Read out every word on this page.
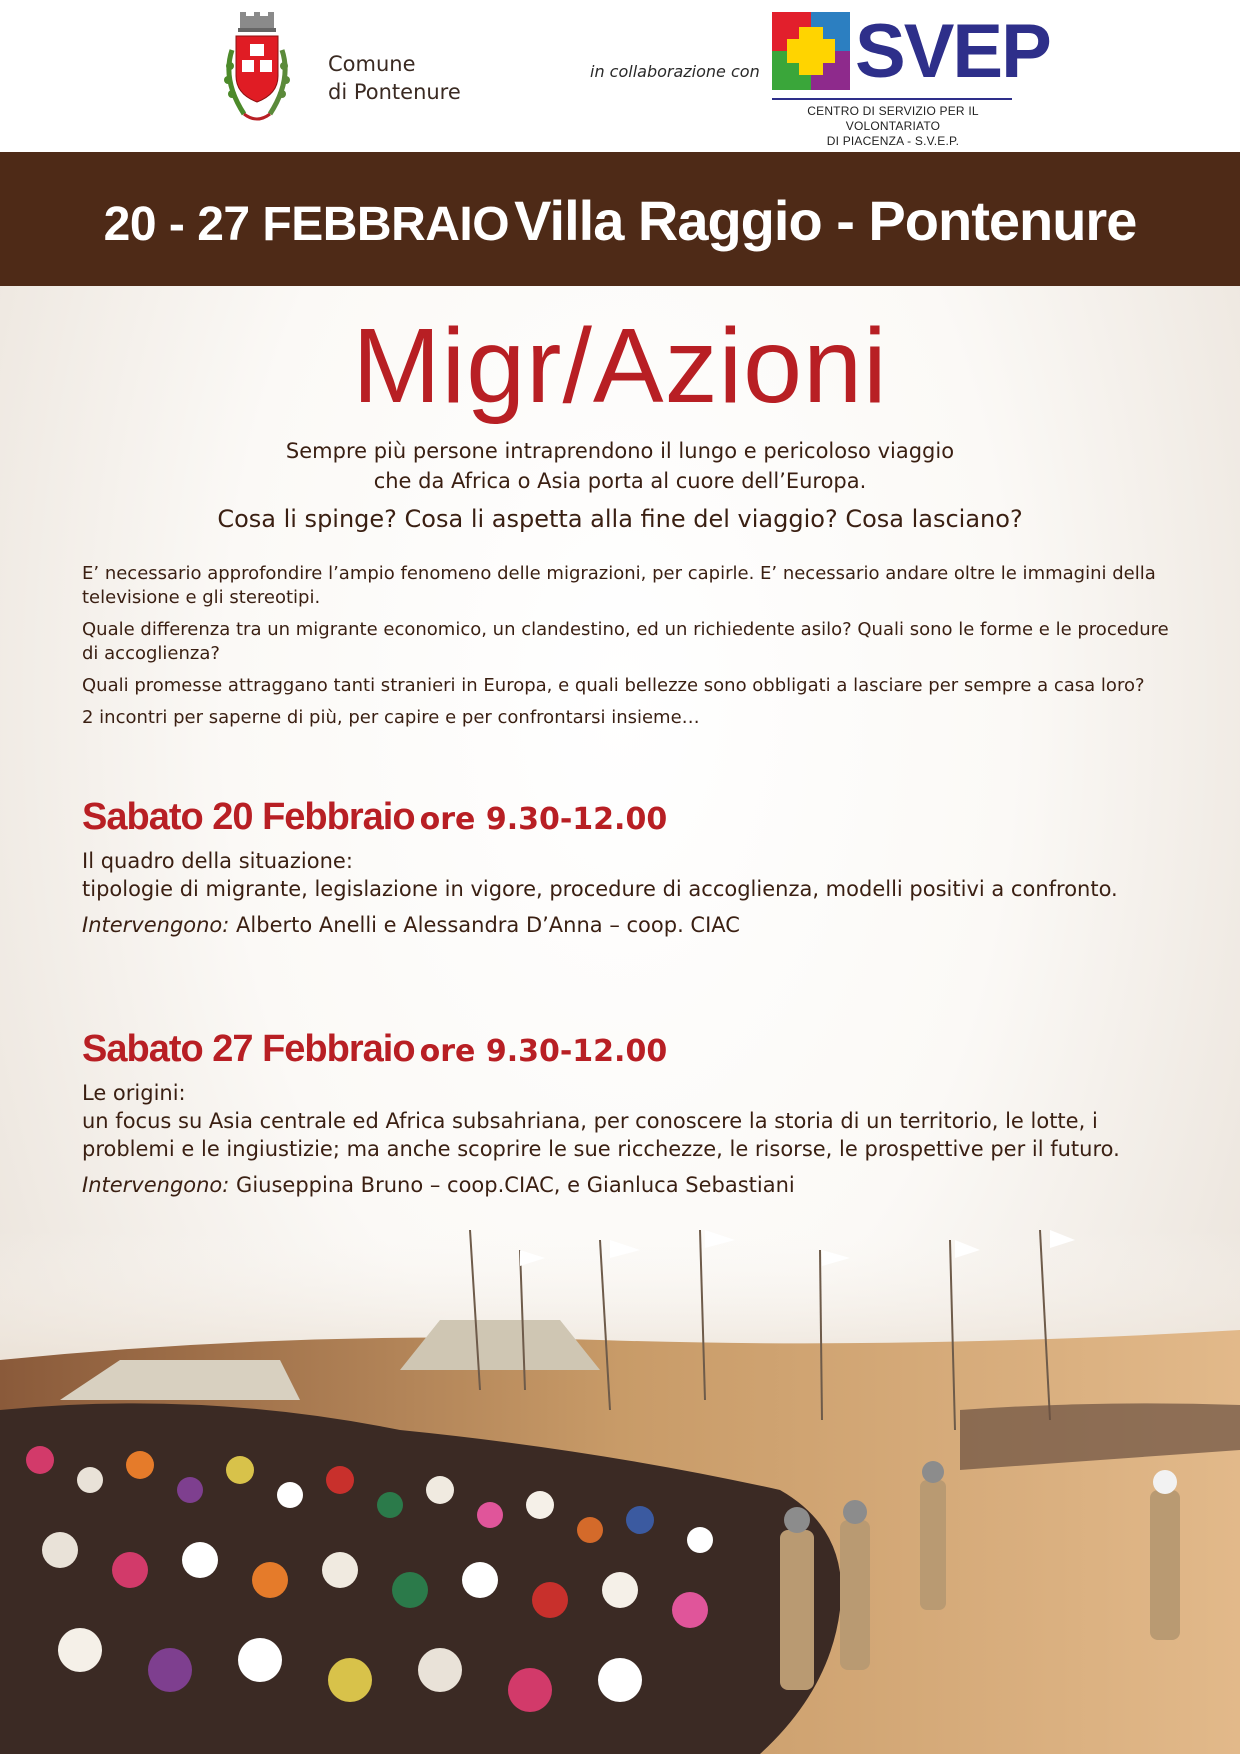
Comune
di Pontenure
in collaborazione con SVEP
CENTRO DI SERVIZIO PER IL VOLONTARIATO
DI PIACENZA - S.V.E.P.
20 - 27 FEBBRAIO Villa Raggio - Pontenure
Migr/Azioni
Sempre più persone intraprendono il lungo e pericoloso viaggio
che da Africa o Asia porta al cuore dell’Europa.
Cosa li spinge? Cosa li aspetta alla fine del viaggio? Cosa lasciano?

E’ necessario approfondire l’ampio fenomeno delle migrazioni, per capirle. E’ necessario andare oltre le immagini della televisione e gli stereotipi.

Quale differenza tra un migrante economico, un clandestino, ed un richiedente asilo? Quali sono le forme e le procedure di accoglienza?

Quali promesse attraggano tanti stranieri in Europa, e quali bellezze sono obbligati a lasciare per sempre a casa loro?

2 incontri per saperne di più, per capire e per confrontarsi insieme…

Sabato 20 Febbraio ore 9.30-12.00
Il quadro della situazione:
tipologie di migrante, legislazione in vigore, procedure di accoglienza, modelli positivi a confronto.
Intervengono: Alberto Anelli e Alessandra D’Anna – coop. CIAC
Sabato 27 Febbraio ore 9.30-12.00
Le origini:
un focus su Asia centrale ed Africa subsahriana, per conoscere la storia di un territorio, le lotte, i problemi e le ingiustizie; ma anche scoprire le sue ricchezze, le risorse, le prospettive per il futuro.
Intervengono: Giuseppina Bruno – coop.CIAC, e Gianluca Sebastiani
